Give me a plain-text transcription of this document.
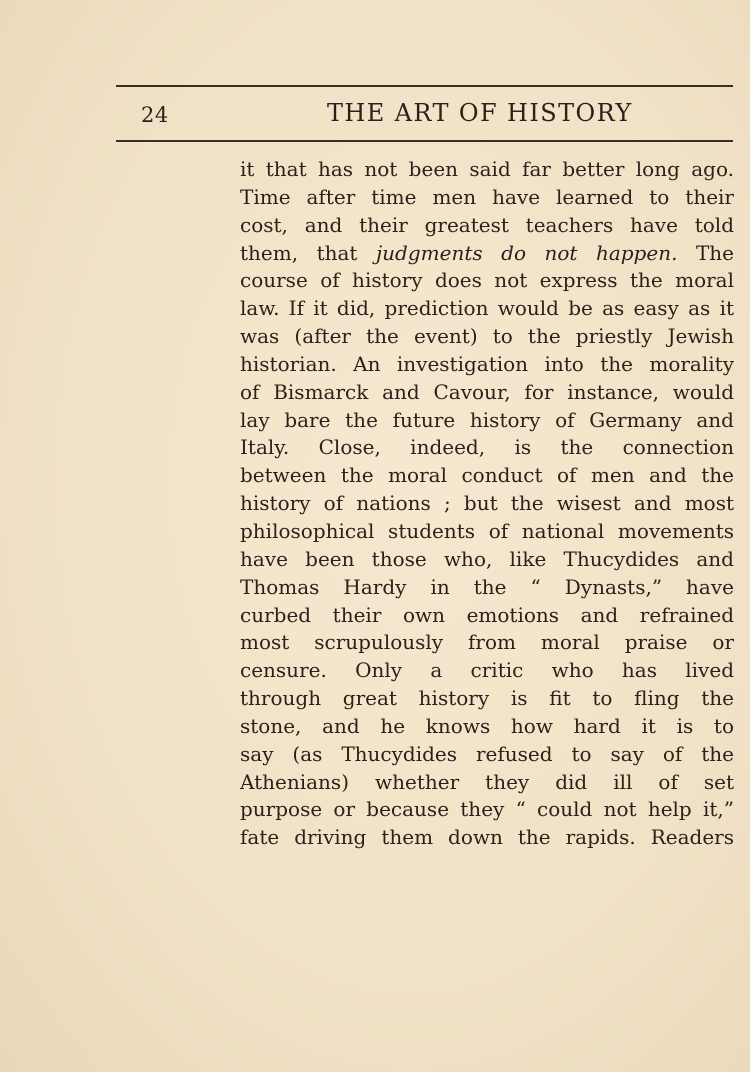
24	THE ART OF HISTORY
it that has not been said far better long ago.
Time after time men have learned to their
cost, and their greatest teachers have told
them, that judgments do not happen. The
course of history does not express the moral
law. If it did, prediction would be as easy as it
was (after the event) to the priestly Jewish
historian. An investigation into the morality
of Bismarck and Cavour, for instance, would
lay bare the future history of Germany and
Italy. Close, indeed, is the connection
between the moral conduct of men and the
history of nations ; but the wisest and most
philosophical students of national movements
have been those who, like Thucydides and
Thomas Hardy in the “ Dynasts,” have
curbed their own emotions and refrained
most scrupulously from moral praise or
censure. Only a critic who has lived
through great history is fit to fling the
stone, and he knows how hard it is to
say (as Thucydides refused to say of the
Athenians) whether they did ill of set
purpose or because they “ could not help it,”
fate driving them down the rapids. Readers
